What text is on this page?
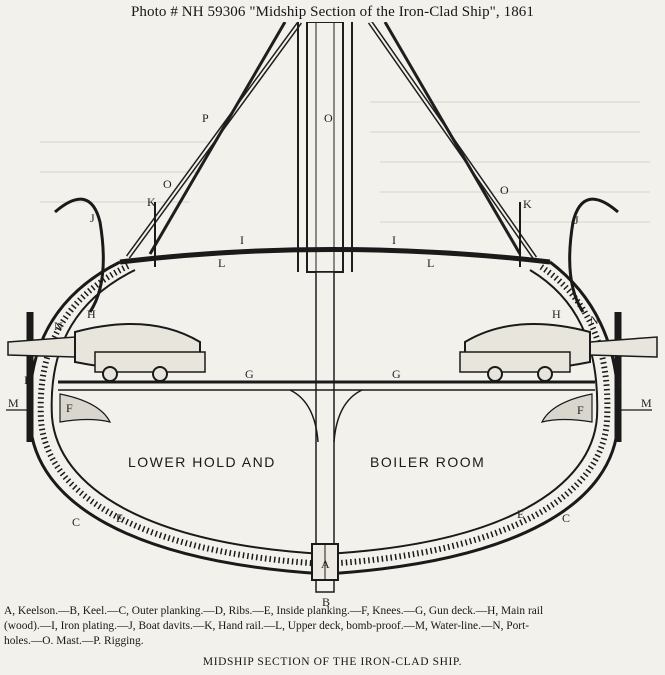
Photo # NH 59306 "Midship Section of the Iron-Clad Ship", 1861
P	O
O	O
K	K
J	J
I	I
L	L
H	H
N	N
G	G
I	I
M	M
F	F
C	E	E	C
A
B
LOWER HOLD AND	BOILER ROOM
A, Keelson.—B, Keel.—C, Outer planking.—D, Ribs.—E, Inside planking.—F, Knees.—G, Gun deck.—H, Main rail
(wood).—I, Iron plating.—J, Boat davits.—K, Hand rail.—L, Upper deck, bomb-proof.—M, Water-line.—N, Port-
holes.—O. Mast.—P. Rigging.
MIDSHIP SECTION OF THE IRON-CLAD SHIP.
